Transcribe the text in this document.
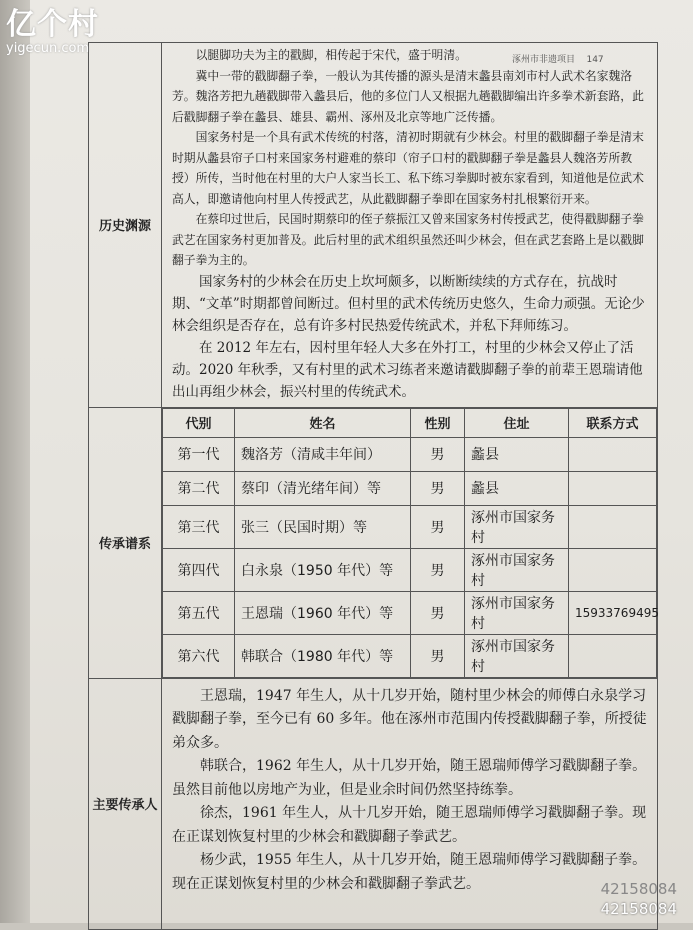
亿个村
yigecun.com
涿州市非遗项目 147
历史渊源	

以腿脚功夫为主的戳脚，相传起于宋代，盛于明清。

冀中一带的戳脚翻子拳，一般认为其传播的源头是清末蠡县南刘市村人武术名家魏洛芳。魏洛芳把九趟戳脚带入蠡县后，他的多位门人又根据九趟戳脚编出许多拳术新套路，此后戳脚翻子拳在蠡县、雄县、霸州、涿州及北京等地广泛传播。

国家务村是一个具有武术传统的村落，清初时期就有少林会。村里的戳脚翻子拳是清末时期从蠡县帘子口村来国家务村避难的蔡印（帘子口村的戳脚翻子拳是蠡县人魏洛芳所教授）所传，当时他在村里的大户人家当长工、私下练习拳脚时被东家看到，知道他是位武术高人，即邀请他向村里人传授武艺，从此戳脚翻子拳即在国家务村扎根繁衍开来。

在蔡印过世后，民国时期蔡印的侄子蔡振江又曾来国家务村传授武艺，使得戳脚翻子拳武艺在国家务村更加普及。此后村里的武术组织虽然还叫少林会，但在武艺套路上是以戳脚翻子拳为主的。

国家务村的少林会在历史上坎坷颇多，以断断续续的方式存在，抗战时期、“文革”时期都曾间断过。但村里的武术传统历史悠久，生命力顽强。无论少林会组织是否存在，总有许多村民热爱传统武术，并私下拜师练习。

在 2012 年左右，因村里年轻人大多在外打工，村里的少林会又停止了活动。2020 年秋季，又有村里的武术习练者来邀请戳脚翻子拳的前辈王恩瑞请他出山再组少林会，振兴村里的传统武术。

传承谱系	
代别	姓名	性别	住址	联系方式
第一代	魏洛芳（清咸丰年间）	男	蠡县	
第二代	蔡印（清光绪年间）等	男	蠡县	
第三代	张三（民国时期）等	男	涿州市国家务村	
第四代	白永泉（1950 年代）等	男	涿州市国家务村	
第五代	王恩瑞（1960 年代）等	男	涿州市国家务村	15933769495
第六代	韩联合（1980 年代）等	男	涿州市国家务村	

主要传承人	

王恩瑞，1947 年生人，从十几岁开始，随村里少林会的师傅白永泉学习戳脚翻子拳，至今已有 60 多年。他在涿州市范围内传授戳脚翻子拳，所授徒弟众多。

韩联合，1962 年生人，从十几岁开始，随王恩瑞师傅学习戳脚翻子拳。虽然目前他以房地产为业，但是业余时间仍然坚持练拳。

徐杰，1961 年生人，从十几岁开始，随王恩瑞师傅学习戳脚翻子拳。现在正谋划恢复村里的少林会和戳脚翻子拳武艺。

杨少武，1955 年生人，从十几岁开始，随王恩瑞师傅学习戳脚翻子拳。现在正谋划恢复村里的少林会和戳脚翻子拳武艺。	42158084
42158084
